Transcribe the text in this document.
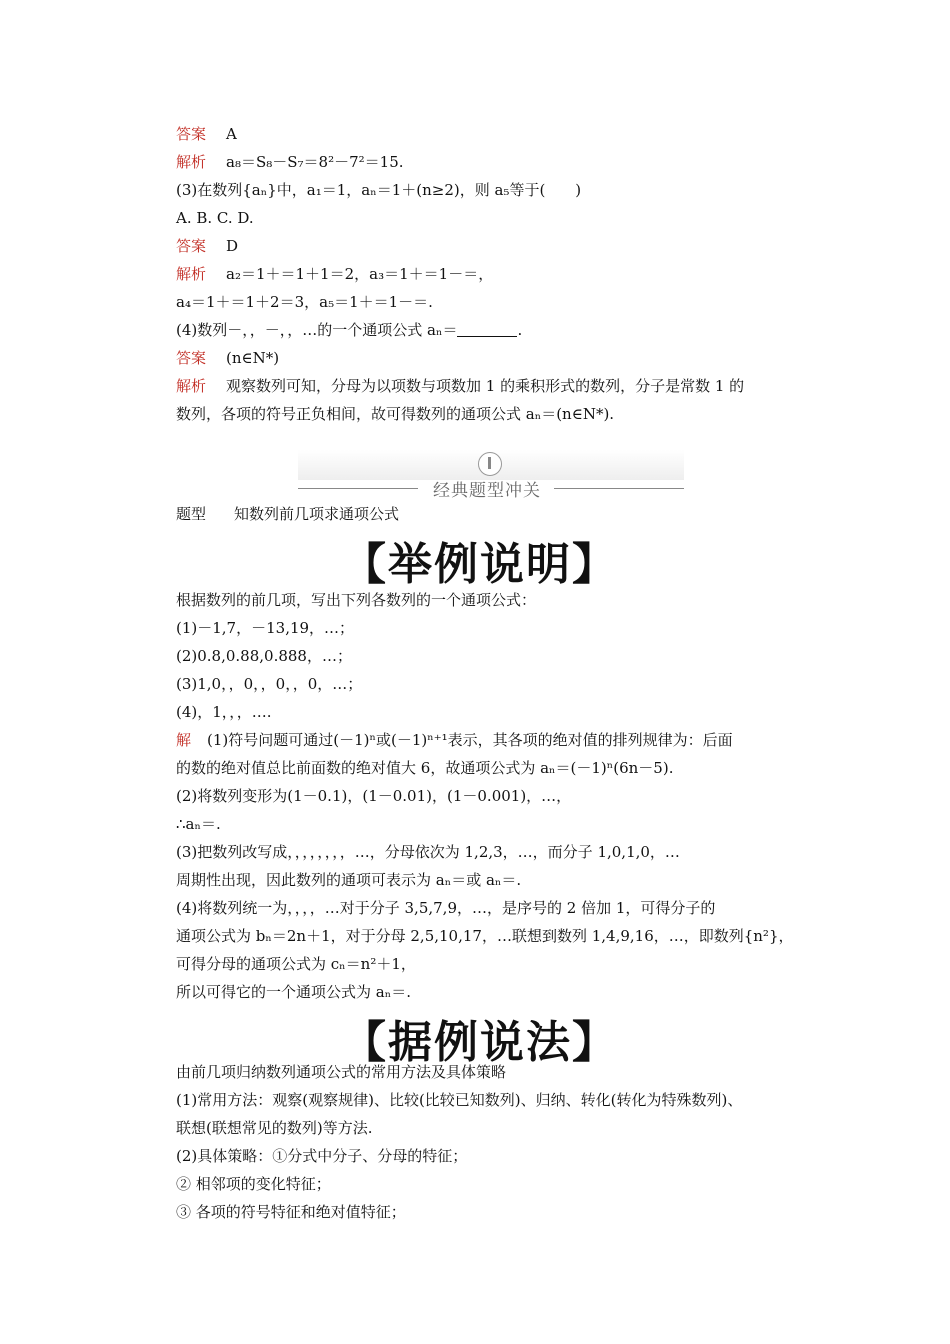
答案 A
解析 a₈＝S₈－S₇＝8²－7²＝15.
(3)在数列{aₙ}中，a₁＝1，aₙ＝1＋(n≥2)，则 a₅等于(　　)
A. B. C. D.
答案 D
解析 a₂＝1＋＝1＋1＝2，a₃＝1＋＝1－＝，
a₄＝1＋＝1＋2＝3，a₅＝1＋＝1－＝.
(4)数列－，，－，，…的一个通项公式 aₙ＝	.
答案 (n∈N*)
解析 观察数列可知，分母为以项数与项数加 1 的乘积形式的数列，分子是常数 1 的
数列，各项的符号正负相间，故可得数列的通项公式 aₙ＝(n∈N*).
经典题型冲关
题型 知数列前几项求通项公式
【举例说明】
根据数列的前几项，写出下列各数列的一个通项公式：
(1)－1,7，－13,19，…；
(2)0.8,0.88,0.888，…；
(3)1,0，，0，，0，，0，…；
(4)，1，，，….
解 (1)符号问题可通过(－1)ⁿ或(－1)ⁿ⁺¹表示，其各项的绝对值的排列规律为：后面
的数的绝对值总比前面数的绝对值大 6，故通项公式为 aₙ＝(－1)ⁿ(6n－5).
(2)将数列变形为(1－0.1)，(1－0.01)，(1－0.001)，…，
∴aₙ＝.
(3)把数列改写成，，，，，，，，…，分母依次为 1,2,3，…，而分子 1,0,1,0，…
周期性出现，因此数列的通项可表示为 aₙ＝或 aₙ＝.
(4)将数列统一为，，，，…对于分子 3,5,7,9，…，是序号的 2 倍加 1，可得分子的
通项公式为 bₙ＝2n＋1，对于分母 2,5,10,17，…联想到数列 1,4,9,16，…，即数列{n²}，
可得分母的通项公式为 cₙ＝n²＋1，
所以可得它的一个通项公式为 aₙ＝.
【据例说法】
由前几项归纳数列通项公式的常用方法及具体策略
(1)常用方法：观察(观察规律)、比较(比较已知数列)、归纳、转化(转化为特殊数列)、
联想(联想常见的数列)等方法.
(2)具体策略：①分式中分子、分母的特征；
② 相邻项的变化特征；
③ 各项的符号特征和绝对值特征；
